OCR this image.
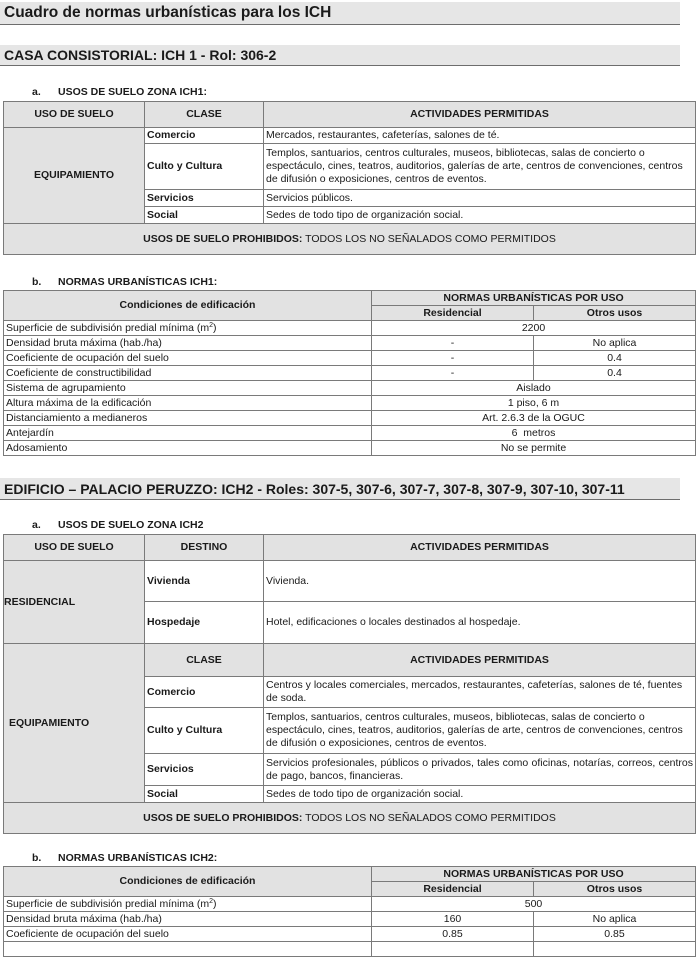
Cuadro de normas urbanísticas para los ICH
CASA CONSISTORIAL: ICH 1 - Rol: 306-2
a. USOS DE SUELO ZONA ICH1:
USO DE SUELO	CLASE	ACTIVIDADES PERMITIDAS
EQUIPAMIENTO	Comercio	Mercados, restaurantes, cafeterías, salones de té.
	Culto y Cultura	Templos, santuarios, centros culturales, museos, bibliotecas, salas de concierto o espectáculo, cines, teatros, auditorios, galerías de arte, centros de convenciones, centros de difusión o exposiciones, centros de eventos.
	Servicios	Servicios públicos.
	Social	Sedes de todo tipo de organización social.
USOS DE SUELO PROHIBIDOS: TODOS LOS NO SEÑALADOS COMO PERMITIDOS		
b. NORMAS URBANÍSTICAS ICH1:
Condiciones de edificación	NORMAS URBANÍSTICAS POR USO	
	Residencial	Otros usos
Superficie de subdivisión predial mínima $(m^2)$	2200	
Densidad bruta máxima (hab./ha)	-	No aplica
Coeficiente de ocupación del suelo	-	0.4
Coeficiente de constructibilidad	-	0.4
Sistema de agrupamiento	Aislado	
Altura máxima de la edificación	1 piso, 6 m	
Distanciamiento a medianeros	Art. 2.6.3 de la OGUC	
Antejardín	6  metros	
Adosamiento	No se permite	
EDIFICIO – PALACIO PERUZZO: ICH2 - Roles: 307-5, 307-6, 307-7, 307-8, 307-9, 307-10, 307-11
a. USOS DE SUELO ZONA ICH2
USO DE SUELO	DESTINO	ACTIVIDADES PERMITIDAS
RESIDENCIAL	Vivienda	Vivienda.
	Hospedaje	Hotel, edificaciones o locales destinados al hospedaje.
EQUIPAMIENTO	CLASE	ACTIVIDADES PERMITIDAS
	Comercio	Centros y locales comerciales, mercados, restaurantes, cafeterías, salones de té, fuentes de soda.
	Culto y Cultura	Templos, santuarios, centros culturales, museos, bibliotecas, salas de concierto o espectáculo, cines, teatros, auditorios, galerías de arte, centros de convenciones, centros de difusión o exposiciones, centros de eventos.
	Servicios	Servicios profesionales, públicos o privados, tales como oficinas, notarías, correos, centros de pago, bancos, financieras.
	Social	Sedes de todo tipo de organización social.
USOS DE SUELO PROHIBIDOS: TODOS LOS NO SEÑALADOS COMO PERMITIDOS		
b. NORMAS URBANÍSTICAS ICH2:
Condiciones de edificación	NORMAS URBANÍSTICAS POR USO	
	Residencial	Otros usos
Superficie de subdivisión predial mínima $(m^2)$	500	
Densidad bruta máxima (hab./ha)	160	No aplica
Coeficiente de ocupación del suelo	0.85	0.85
